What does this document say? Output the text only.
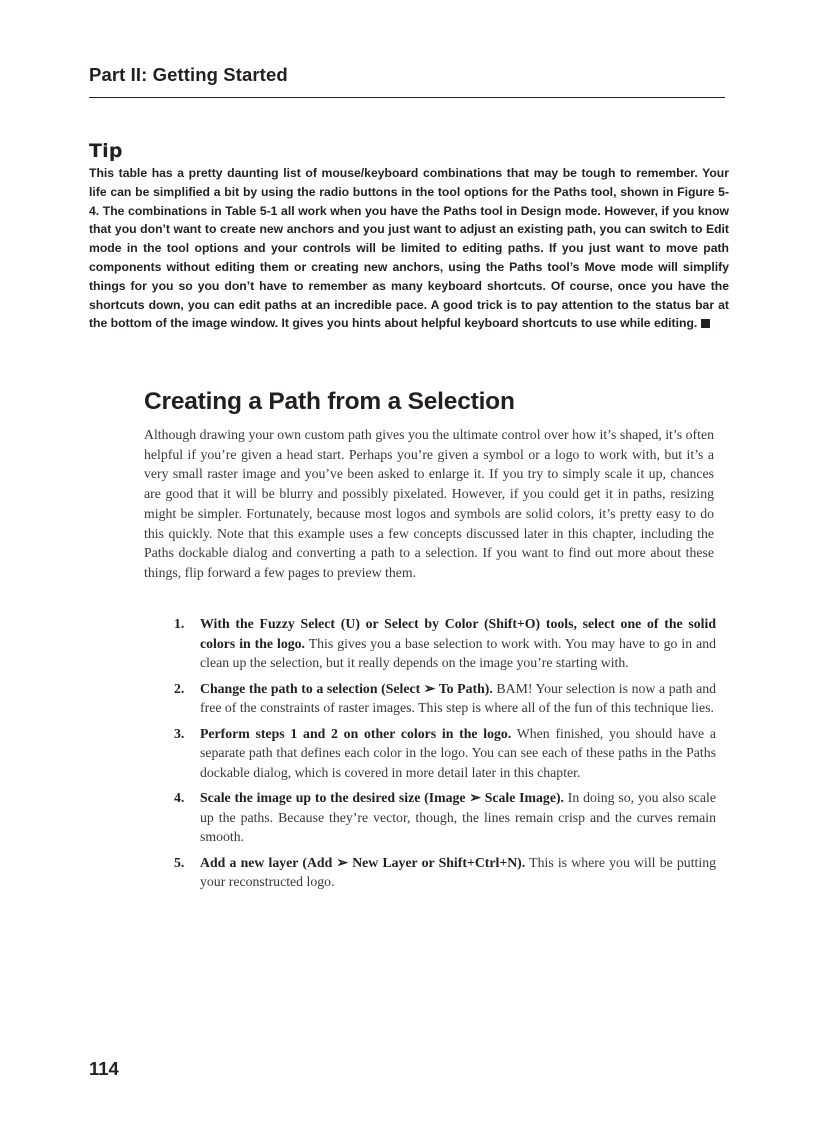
Part II: Getting Started
Tip

This table has a pretty daunting list of mouse/keyboard combinations that may be tough to remember. Your life can be simplified a bit by using the radio buttons in the tool options for the Paths tool, shown in Figure 5-4. The combinations in Table 5-1 all work when you have the Paths tool in Design mode. However, if you know that you don’t want to create new anchors and you just want to adjust an existing path, you can switch to Edit mode in the tool options and your controls will be limited to editing paths. If you just want to move path components without editing them or creating new anchors, using the Paths tool’s Move mode will simplify things for you so you don’t have to remember as many keyboard shortcuts. Of course, once you have the shortcuts down, you can edit paths at an incredible pace. A good trick is to pay attention to the status bar at the bottom of the image window. It gives you hints about helpful keyboard shortcuts to use while editing.

Creating a Path from a Selection

Although drawing your own custom path gives you the ultimate control over how it’s shaped, it’s often helpful if you’re given a head start. Perhaps you’re given a symbol or a logo to work with, but it’s a very small raster image and you’ve been asked to enlarge it. If you try to simply scale it up, chances are good that it will be blurry and possibly pixelated. However, if you could get it in paths, resizing might be simpler. Fortunately, because most logos and symbols are solid colors, it’s pretty easy to do this quickly. Note that this example uses a few concepts discussed later in this chapter, including the Paths dockable dialog and converting a path to a selection. If you want to find out more about these things, flip forward a few pages to preview them.

1. With the Fuzzy Select (U) or Select by Color (Shift+O) tools, select one of the solid colors in the logo. This gives you a base selection to work with. You may have to go in and clean up the selection, but it really depends on the image you’re starting with.
2. Change the path to a selection (Select ➢ To Path). BAM! Your selection is now a path and free of the constraints of raster images. This step is where all of the fun of this technique lies.
3. Perform steps 1 and 2 on other colors in the logo. When finished, you should have a separate path that defines each color in the logo. You can see each of these paths in the Paths dockable dialog, which is covered in more detail later in this chapter.
4. Scale the image up to the desired size (Image ➢ Scale Image). In doing so, you also scale up the paths. Because they’re vector, though, the lines remain crisp and the curves remain smooth.
5. Add a new layer (Add ➢ New Layer or Shift+Ctrl+N). This is where you will be putting your reconstructed logo.
114
